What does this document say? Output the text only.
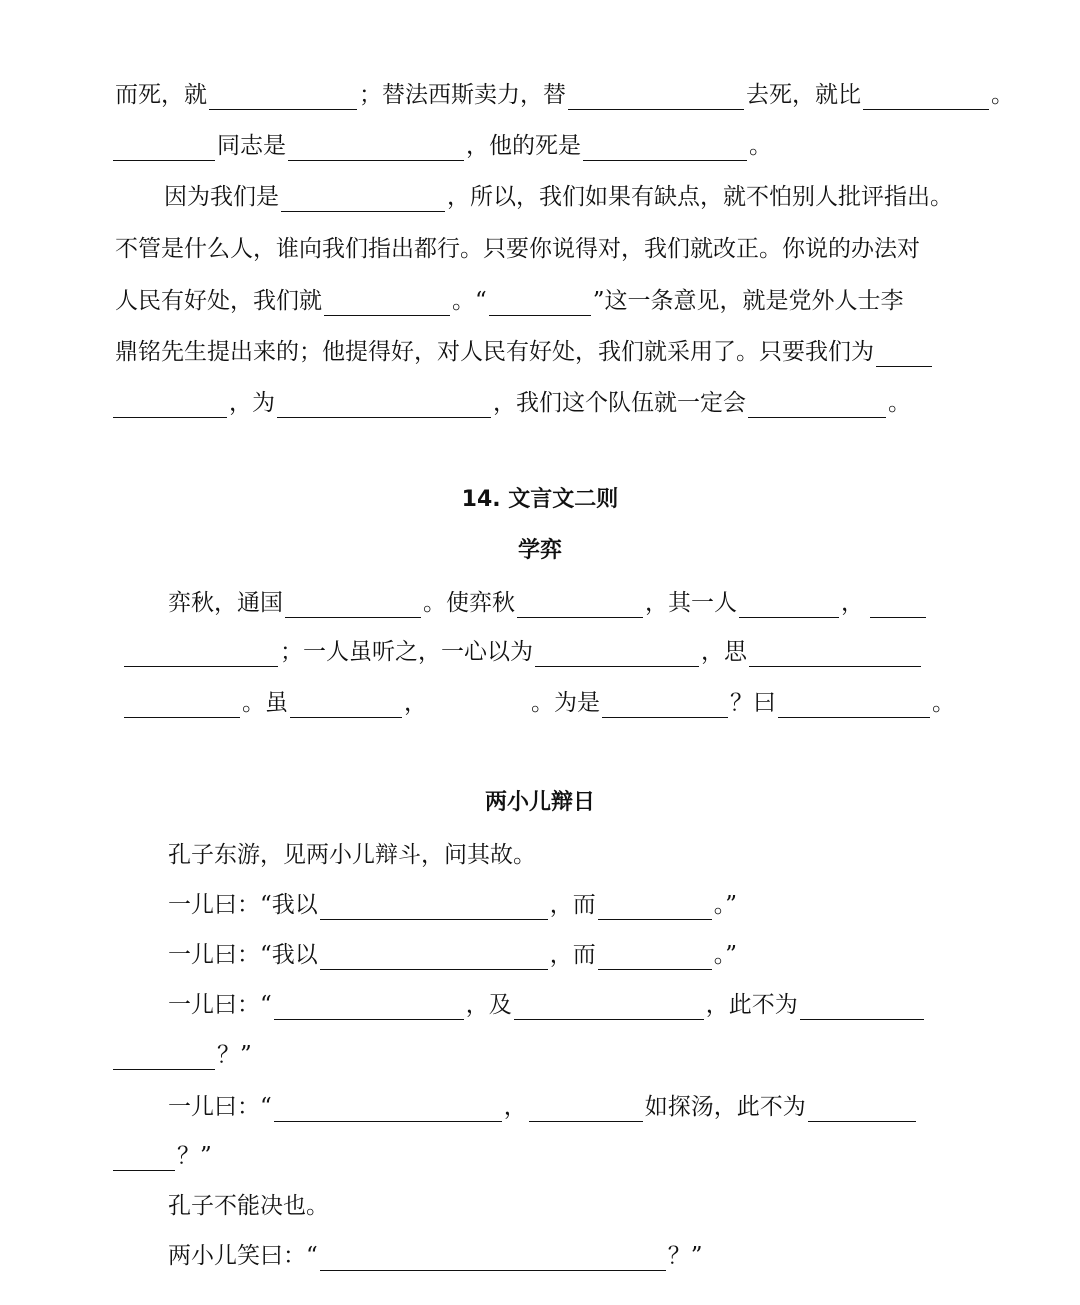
而死，就	；替法西斯卖力，替	去死，就比	。
同志是	，他的死是	。
因为我们是	，所以，我们如果有缺点，就不怕别人批评指出。
不管是什么人，谁向我们指出都行。只要你说得对，我们就改正。你说的办法对
人民有好处，我们就	。“	”这一条意见，就是党外人士李
鼎铭先生提出来的；他提得好，对人民有好处，我们就采用了。只要我们为
，为	，我们这个队伍就一定会	。
14. 文言文二则
学弈
弈秋，通国	。使弈秋	，其一人	，
；一人虽听之，一心以为	，思
。虽	，	。为是	？曰	。
两小儿辩日
孔子东游，见两小儿辩斗，问其故。
一儿曰：“我以	，而	。”
一儿曰：“我以	，而	。”
一儿曰：“	，及	，此不为
？”
一儿曰：“	，	如探汤，此不为
？”
孔子不能决也。
两小儿笑曰：“	？”
